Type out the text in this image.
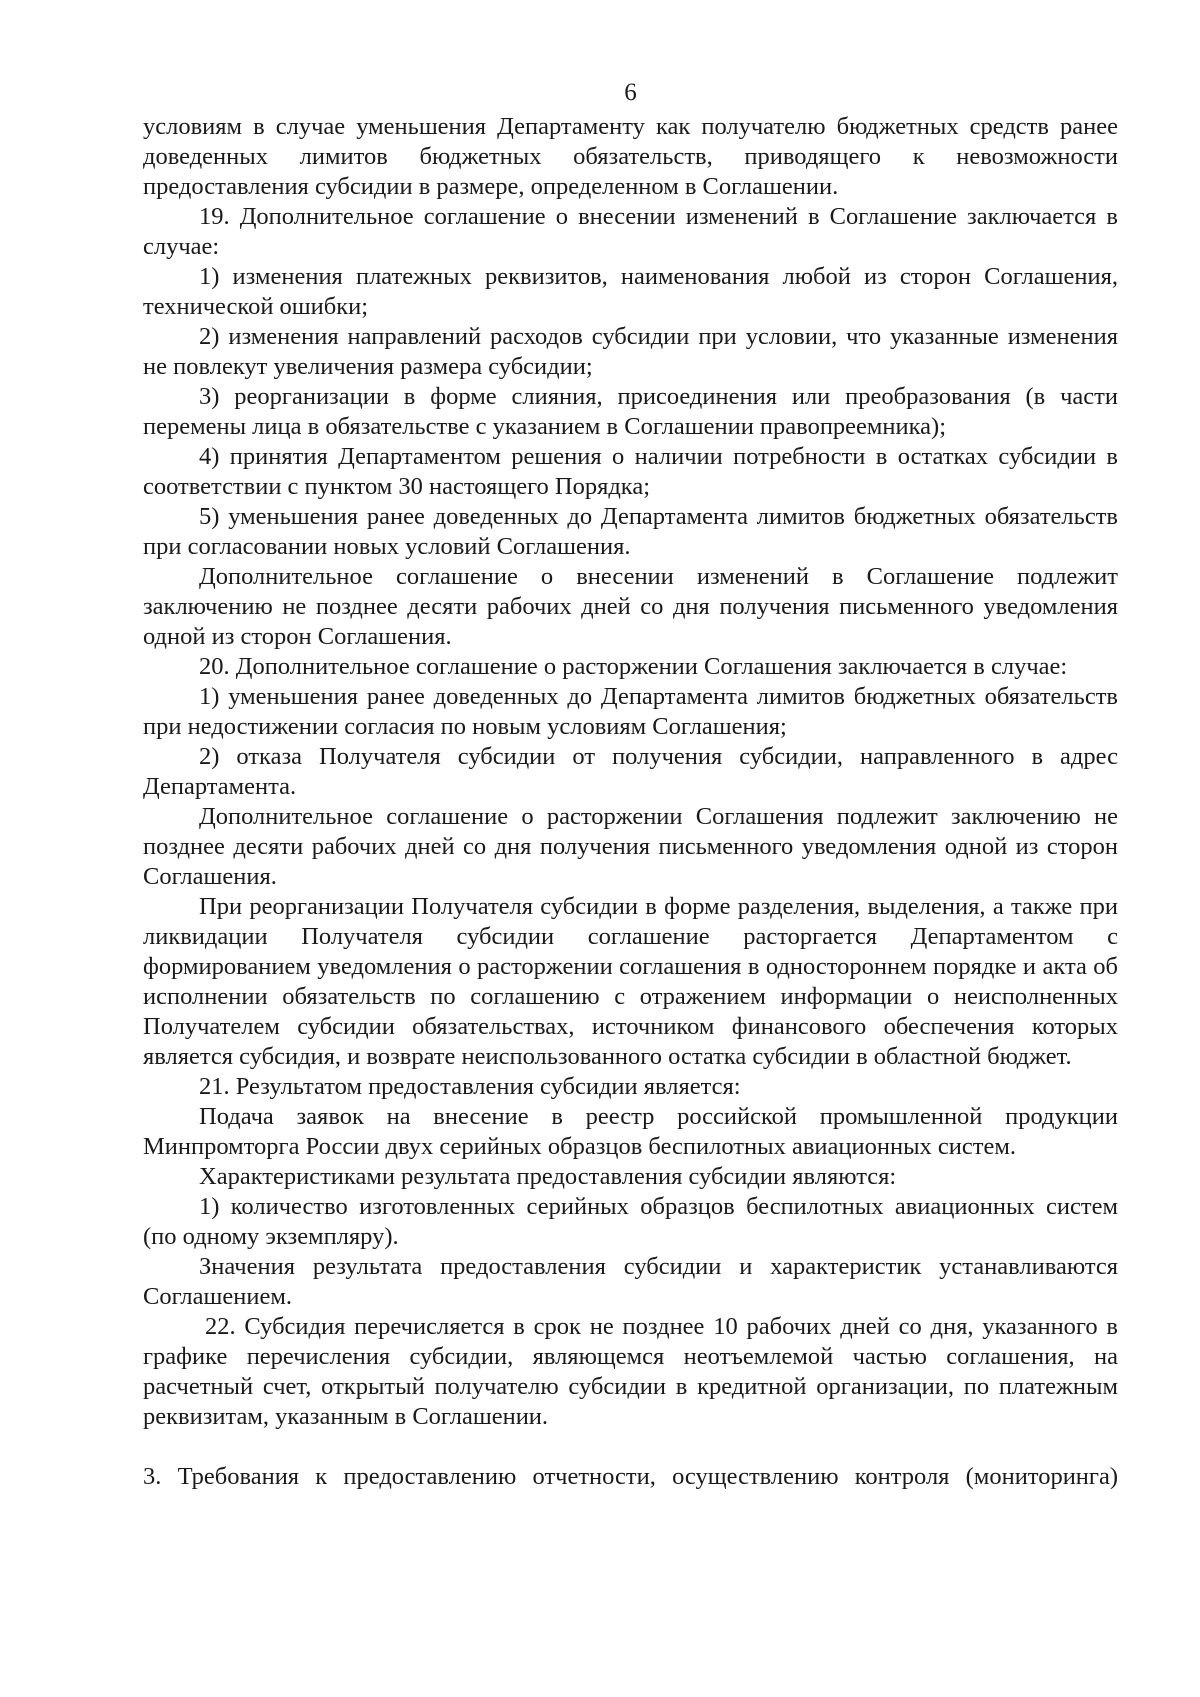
6

условиям в случае уменьшения Департаменту как получателю бюджетных средств ранее доведенных лимитов бюджетных обязательств, приводящего к невозможности предоставления субсидии в размере, определенном в Соглашении.

19. Дополнительное соглашение о внесении изменений в Соглашение заключается в случае:

1) изменения платежных реквизитов, наименования любой из сторон Соглашения, технической ошибки;

2) изменения направлений расходов субсидии при условии, что указанные изменения не повлекут увеличения размера субсидии;

3) реорганизации в форме слияния, присоединения или преобразования (в части перемены лица в обязательстве с указанием в Соглашении правопреемника);

4) принятия Департаментом решения о наличии потребности в остатках субсидии в соответствии с пунктом 30 настоящего Порядка;

5) уменьшения ранее доведенных до Департамента лимитов бюджетных обязательств при согласовании новых условий Соглашения.

Дополнительное соглашение о внесении изменений в Соглашение подлежит заключению не позднее десяти рабочих дней со дня получения письменного уведомления одной из сторон Соглашения.

20. Дополнительное соглашение о расторжении Соглашения заключается в случае:

1) уменьшения ранее доведенных до Департамента лимитов бюджетных обязательств при недостижении согласия по новым условиям Соглашения;

2) отказа Получателя субсидии от получения субсидии, направленного в адрес Департамента.

Дополнительное соглашение о расторжении Соглашения подлежит заключению не позднее десяти рабочих дней со дня получения письменного уведомления одной из сторон Соглашения.

При реорганизации Получателя субсидии в форме разделения, выделения, а также при ликвидации Получателя субсидии соглашение расторгается Департаментом с формированием уведомления о расторжении соглашения в одностороннем порядке и акта об исполнении обязательств по соглашению с отражением информации о неисполненных Получателем субсидии обязательствах, источником финансового обеспечения которых является субсидия, и возврате неиспользованного остатка субсидии в областной бюджет.

21. Результатом предоставления субсидии является:

Подача заявок на внесение в реестр российской промышленной продукции Минпромторга России двух серийных образцов беспилотных авиационных систем.

Характеристиками результата предоставления субсидии являются:

1) количество изготовленных серийных образцов беспилотных авиационных систем (по одному экземпляру).

Значения результата предоставления субсидии и характеристик устанавливаются Соглашением.

22. Субсидия перечисляется в срок не позднее 10 рабочих дней со дня, указанного в графике перечисления субсидии, являющемся неотъемлемой частью соглашения, на расчетный счет, открытый получателю субсидии в кредитной организации, по платежным реквизитам, указанным в Соглашении.

3. Требования к предоставлению отчетности, осуществлению контроля (мониторинга)
